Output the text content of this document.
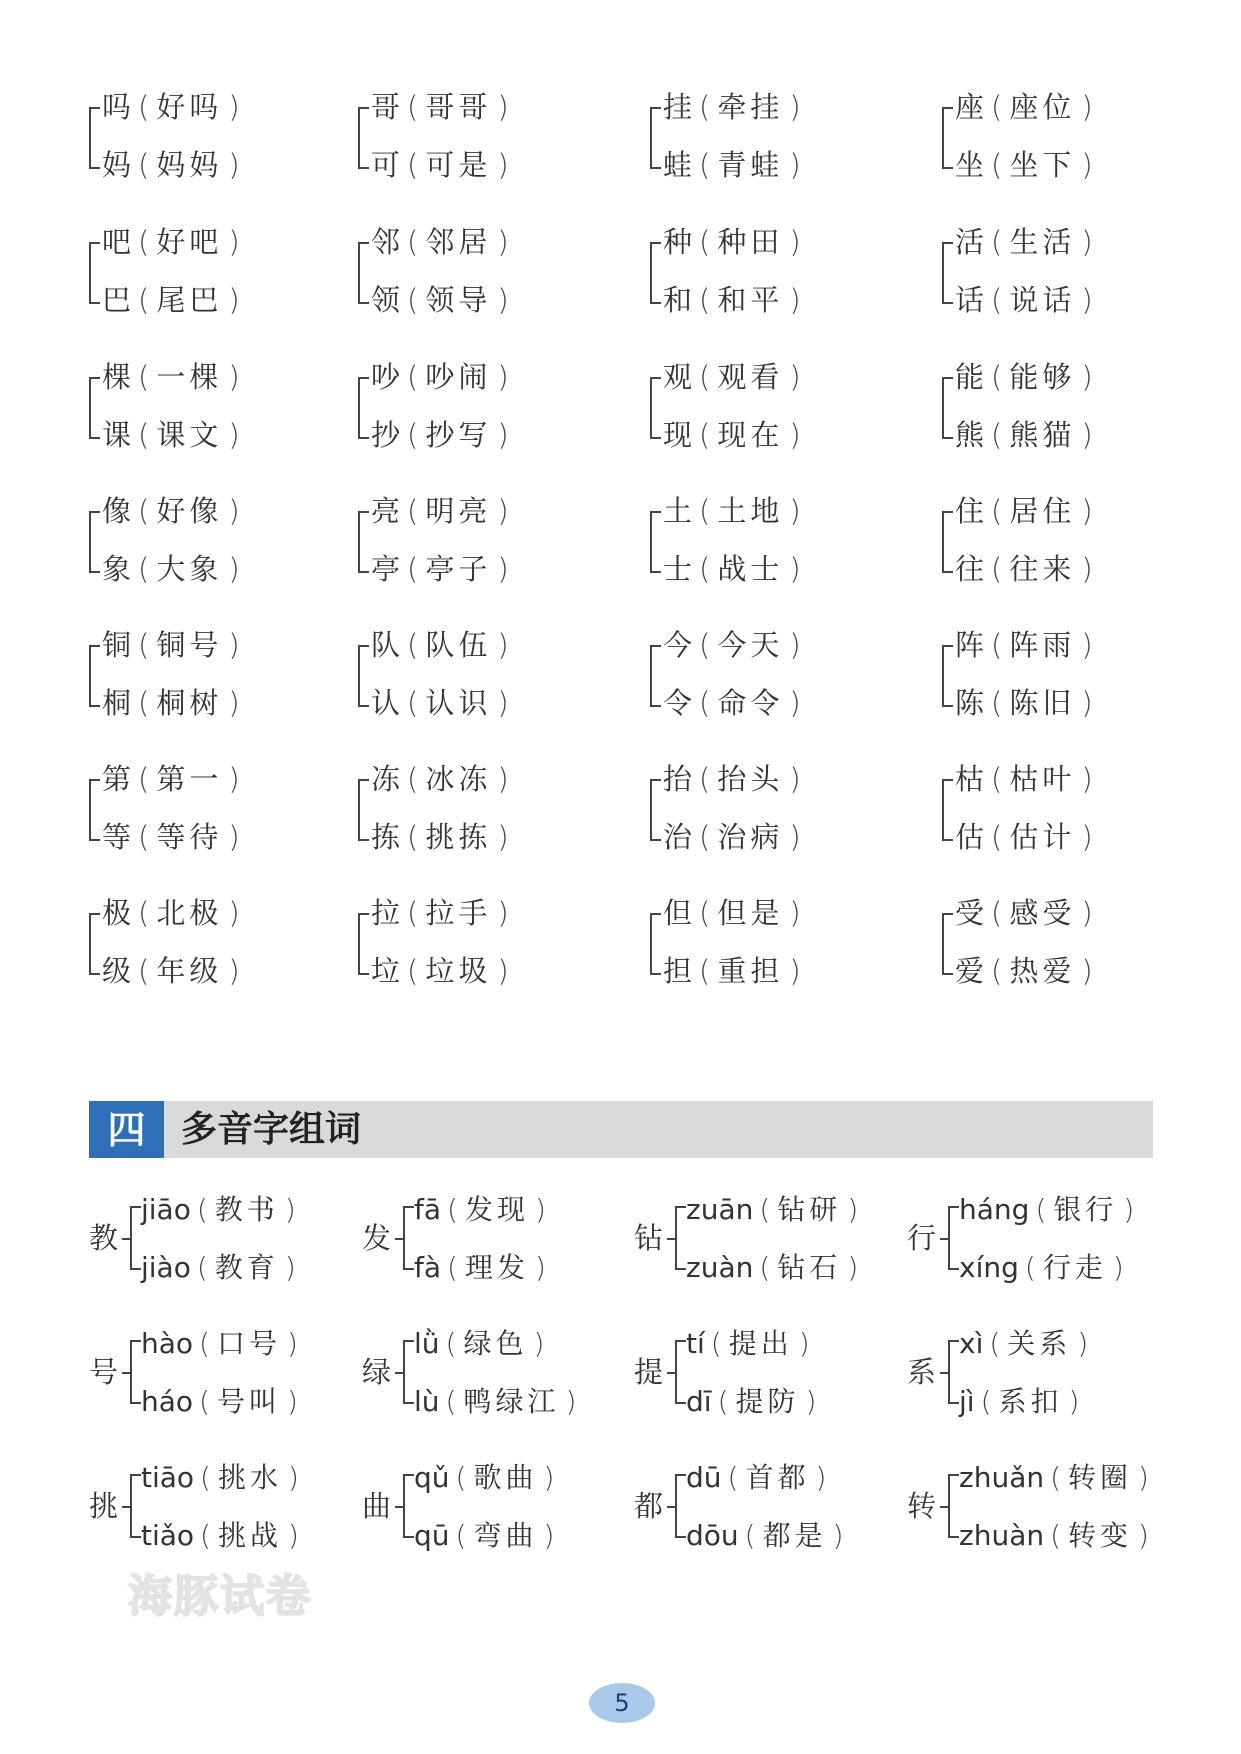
吗 ( 好吗 )
妈 ( 妈妈 )
哥 ( 哥哥 )
可 ( 可是 )
挂 ( 牵挂 )
蛙 ( 青蛙 )
座 ( 座位 )
坐 ( 坐下 )
吧 ( 好吧 )
巴 ( 尾巴 )
邻 ( 邻居 )
领 ( 领导 )
种 ( 种田 )
和 ( 和平 )
活 ( 生活 )
话 ( 说话 )
棵 ( 一棵 )
课 ( 课文 )
吵 ( 吵闹 )
抄 ( 抄写 )
观 ( 观看 )
现 ( 现在 )
能 ( 能够 )
熊 ( 熊猫 )
像 ( 好像 )
象 ( 大象 )
亮 ( 明亮 )
亭 ( 亭子 )
土 ( 土地 )
士 ( 战士 )
住 ( 居住 )
往 ( 往来 )
铜 ( 铜号 )
桐 ( 桐树 )
队 ( 队伍 )
认 ( 认识 )
今 ( 今天 )
令 ( 命令 )
阵 ( 阵雨 )
陈 ( 陈旧 )
第 ( 第一 )
等 ( 等待 )
冻 ( 冰冻 )
拣 ( 挑拣 )
抬 ( 抬头 )
治 ( 治病 )
枯 ( 枯叶 )
估 ( 估计 )
极 ( 北极 )
级 ( 年级 )
拉 ( 拉手 )
垃 ( 垃圾 )
但 ( 但是 )
担 ( 重担 )
受 ( 感受 )
爱 ( 热爱 )
四 多音字组词
教
jiāo ( 教书 )
jiào ( 教育 )
发
fā ( 发现 )
fà ( 理发 )
钻
zuān ( 钻研 )
zuàn ( 钻石 )
行
háng ( 银行 )
xíng ( 行走 )
号
hào ( 口号 )
háo ( 号叫 )
绿
lǜ ( 绿色 )
lù ( 鸭绿江 )
提
tí ( 提出 )
dī ( 提防 )
系
xì ( 关系 )
jì ( 系扣 )
挑
tiāo ( 挑水 )
tiǎo ( 挑战 )
曲
qǔ ( 歌曲 )
qū ( 弯曲 )
都
dū ( 首都 )
dōu ( 都是 )
转
zhuǎn ( 转圈 )
zhuàn ( 转变 )
海豚试卷
5
